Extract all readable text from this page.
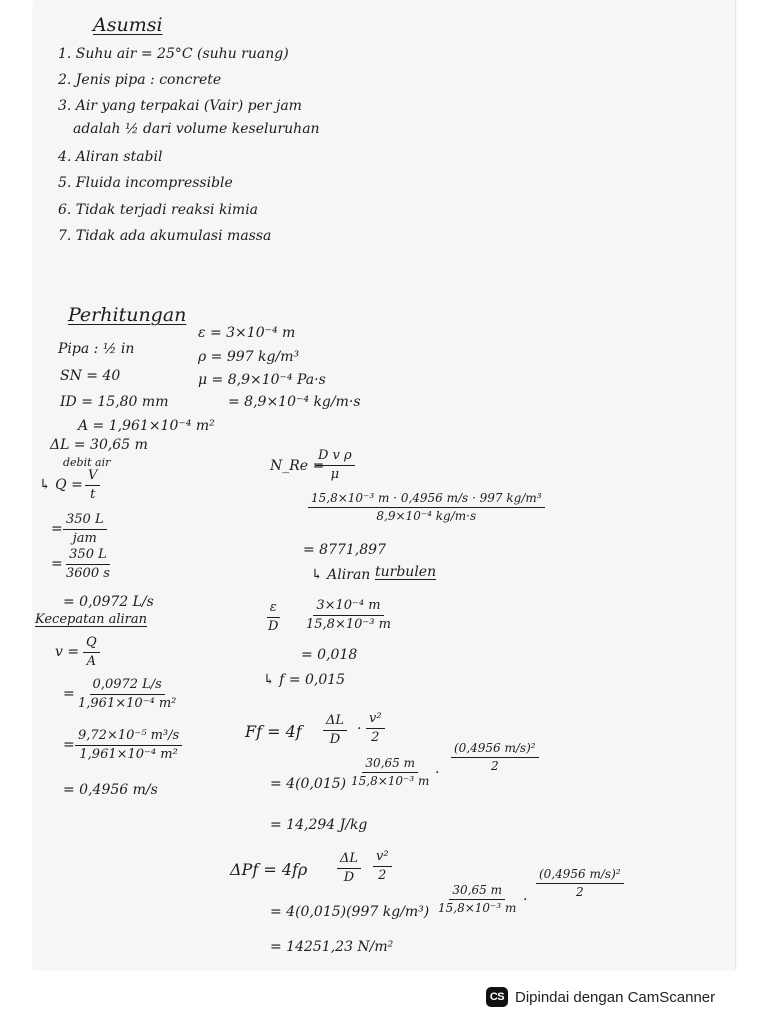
Asumsi
1. Suhu air = 25°C (suhu ruang)
2. Jenis pipa : concrete
3. Air yang terpakai (Vair) per jam
adalah ½ dari volume keseluruhan
4. Aliran stabil
5. Fluida incompressible
6. Tidak terjadi reaksi kimia
7. Tidak ada akumulasi massa
Perhitungan
Pipa : ½ in
SN = 40
ID = 15,80 mm
A = 1,961×10⁻⁴ m²
ΔL = 30,65 m
debit air
↳ $Q = \frac{V}{t}$
=
350 L
jam
= $\frac{350 L}{3600 s}$
= 0,0972 L/s
Kecepatan aliran
$v = \frac{Q}{A}$
= $\frac{0,0972 L/s}{\text{1,961×10⁻⁴ m²}}$
= $\frac{\text{9,72×10⁻⁵ m³/s}}{\text{1,961×10⁻⁴ m²}}$
= 0,4956 m/s
ε = 3×10⁻⁴ m
ρ = 997 kg/m³
μ = 8,9×10⁻⁴ Pa·s
= 8,9×10⁻⁴ kg/m·s
N_Re =
$\frac{\text{D v ρ}}{\mu}$
$\frac{\text{15,8×10⁻³ m · 0,4956 m/s · 997 kg/m³}}{\text{8,9×10⁻⁴ kg/m·s}}$
= 8771,897
↳ Aliran turbulen
$\frac{\varepsilon}{D} \frac{\text{3×10⁻⁴ m}}{\text{15,8×10⁻³ m}}$
= 0,018
↳ f = 0,015
$Ff = 4f \frac{\Delta L}{D} \cdot \frac{\text{v²}}{2}$
= $4(0,015) \frac{30,65 m}{\text{15,8×10⁻³ m}} \cdot \frac{\text{(0,4956 m/s)²}}{2}$
= 14,294 J/kg
$\Delta Pf = 4f\rho \frac{\Delta L}{D} \frac{\text{v²}}{2}$
= 4(0,015)(997 $kg/m^3) \frac{30,65 m}{\text{15,8×10⁻³ m}}$ ·
$\frac{\text{(0,4956 m/s)²}}{2}$
= 14251,23 N/m²
CS Dipindai dengan CamScanner
